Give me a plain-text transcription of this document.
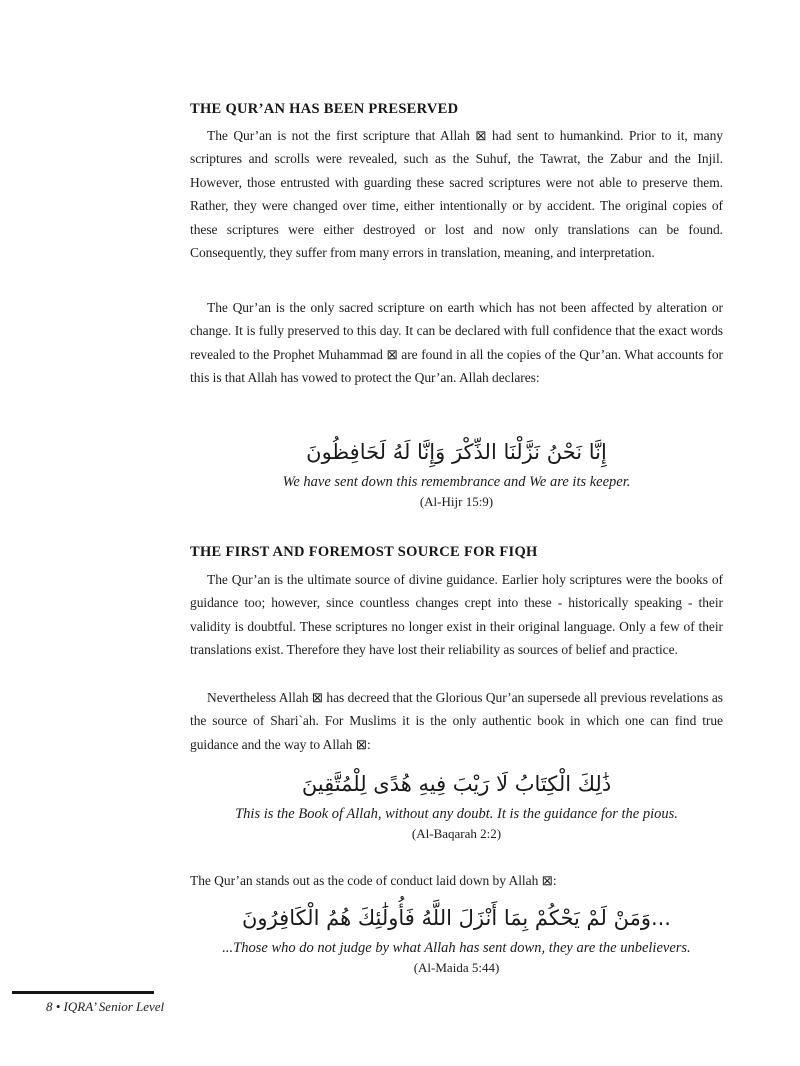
THE QUR’AN HAS BEEN PRESERVED

The Qur’an is not the first scripture that Allah ⊠ had sent to humankind. Prior to it, many scriptures and scrolls were revealed, such as the Suhuf, the Tawrat, the Zabur and the Injil. However, those entrusted with guarding these sacred scriptures were not able to preserve them. Rather, they were changed over time, either intentionally or by accident. The original copies of these scriptures were either destroyed or lost and now only translations can be found. Consequently, they suffer from many errors in translation, meaning, and interpretation.

The Qur’an is the only sacred scripture on earth which has not been affected by alteration or change. It is fully preserved to this day. It can be declared with full confidence that the exact words revealed to the Prophet Muhammad ⊠ are found in all the copies of the Qur’an. What accounts for this is that Allah has vowed to protect the Qur’an. Allah declares:

إِنَّا نَحْنُ نَزَّلْنَا الذِّكْرَ وَإِنَّا لَهُ لَحَافِظُونَ
We have sent down this remembrance and We are its keeper.
(Al-Hijr 15:9)
THE FIRST AND FOREMOST SOURCE FOR FIQH

The Qur’an is the ultimate source of divine guidance. Earlier holy scriptures were the books of guidance too; however, since countless changes crept into these - historically speaking - their validity is doubtful. These scriptures no longer exist in their original language. Only a few of their translations exist. Therefore they have lost their reliability as sources of belief and practice.

Nevertheless Allah ⊠ has decreed that the Glorious Qur’an supersede all previous revelations as the source of Shari`ah. For Muslims it is the only authentic book in which one can find true guidance and the way to Allah ⊠:

ذَٰلِكَ الْكِتَابُ لَا رَيْبَ فِيهِ هُدًى لِلْمُتَّقِينَ
This is the Book of Allah, without any doubt. It is the guidance for the pious.
(Al-Baqarah 2:2)

The Qur’an stands out as the code of conduct laid down by Allah ⊠:

...وَمَنْ لَمْ يَحْكُمْ بِمَا أَنْزَلَ اللَّهُ فَأُولَٰئِكَ هُمُ الْكَافِرُونَ
...Those who do not judge by what Allah has sent down, they are the unbelievers.
(Al-Maida 5:44)
8 • IQRA’ Senior Level
